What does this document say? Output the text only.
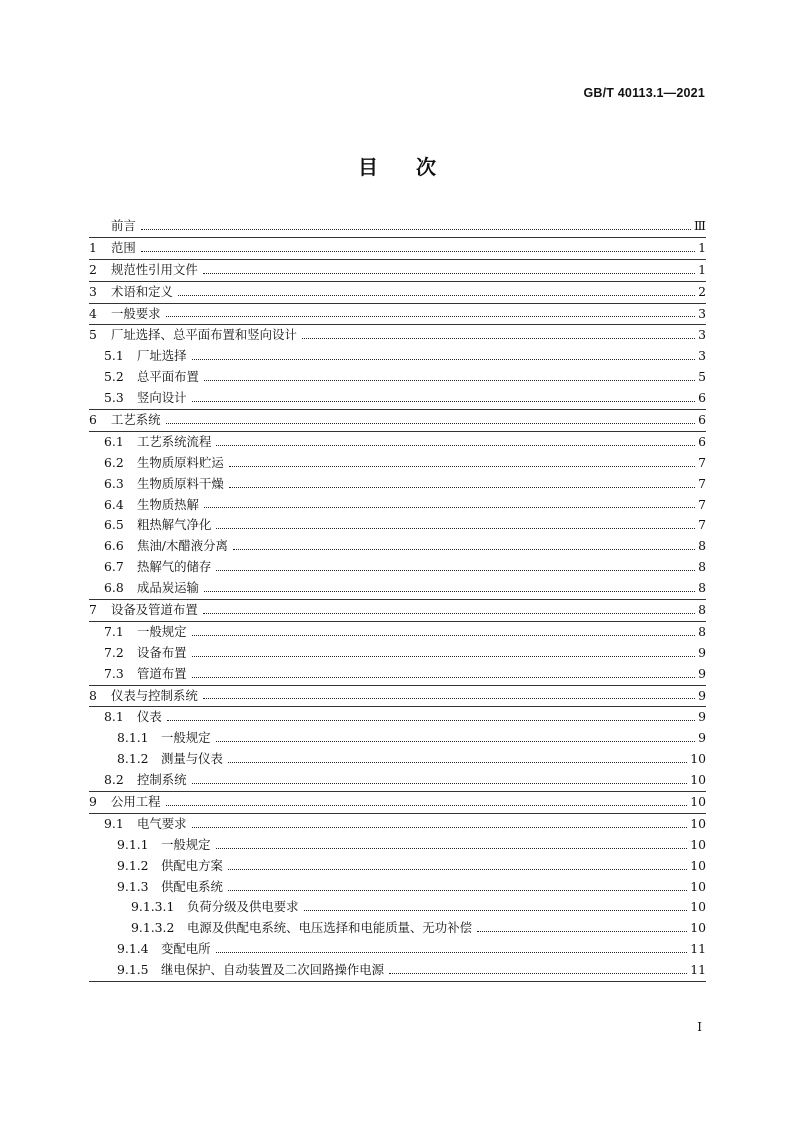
GB/T 40113.1—2021
目次
前言	Ⅲ
1	范围	1
2	规范性引用文件	1
3	术语和定义	2
4	一般要求	3
5	厂址选择、总平面布置和竖向设计	3
5.1	厂址选择	3
5.2	总平面布置	5
5.3	竖向设计	6
6	工艺系统	6
6.1	工艺系统流程	6
6.2	生物质原料贮运	7
6.3	生物质原料干燥	7
6.4	生物质热解	7
6.5	粗热解气净化	7
6.6	焦油/木醋液分离	8
6.7	热解气的储存	8
6.8	成品炭运输	8
7	设备及管道布置	8
7.1	一般规定	8
7.2	设备布置	9
7.3	管道布置	9
8	仪表与控制系统	9
8.1	仪表	9
8.1.1	一般规定	9
8.1.2	测量与仪表	10
8.2	控制系统	10
9	公用工程	10
9.1	电气要求	10
9.1.1	一般规定	10
9.1.2	供配电方案	10
9.1.3	供配电系统	10
9.1.3.1	负荷分级及供电要求	10
9.1.3.2	电源及供配电系统、电压选择和电能质量、无功补偿	10
9.1.4	变配电所	11
9.1.5	继电保护、自动装置及二次回路操作电源	11
I
